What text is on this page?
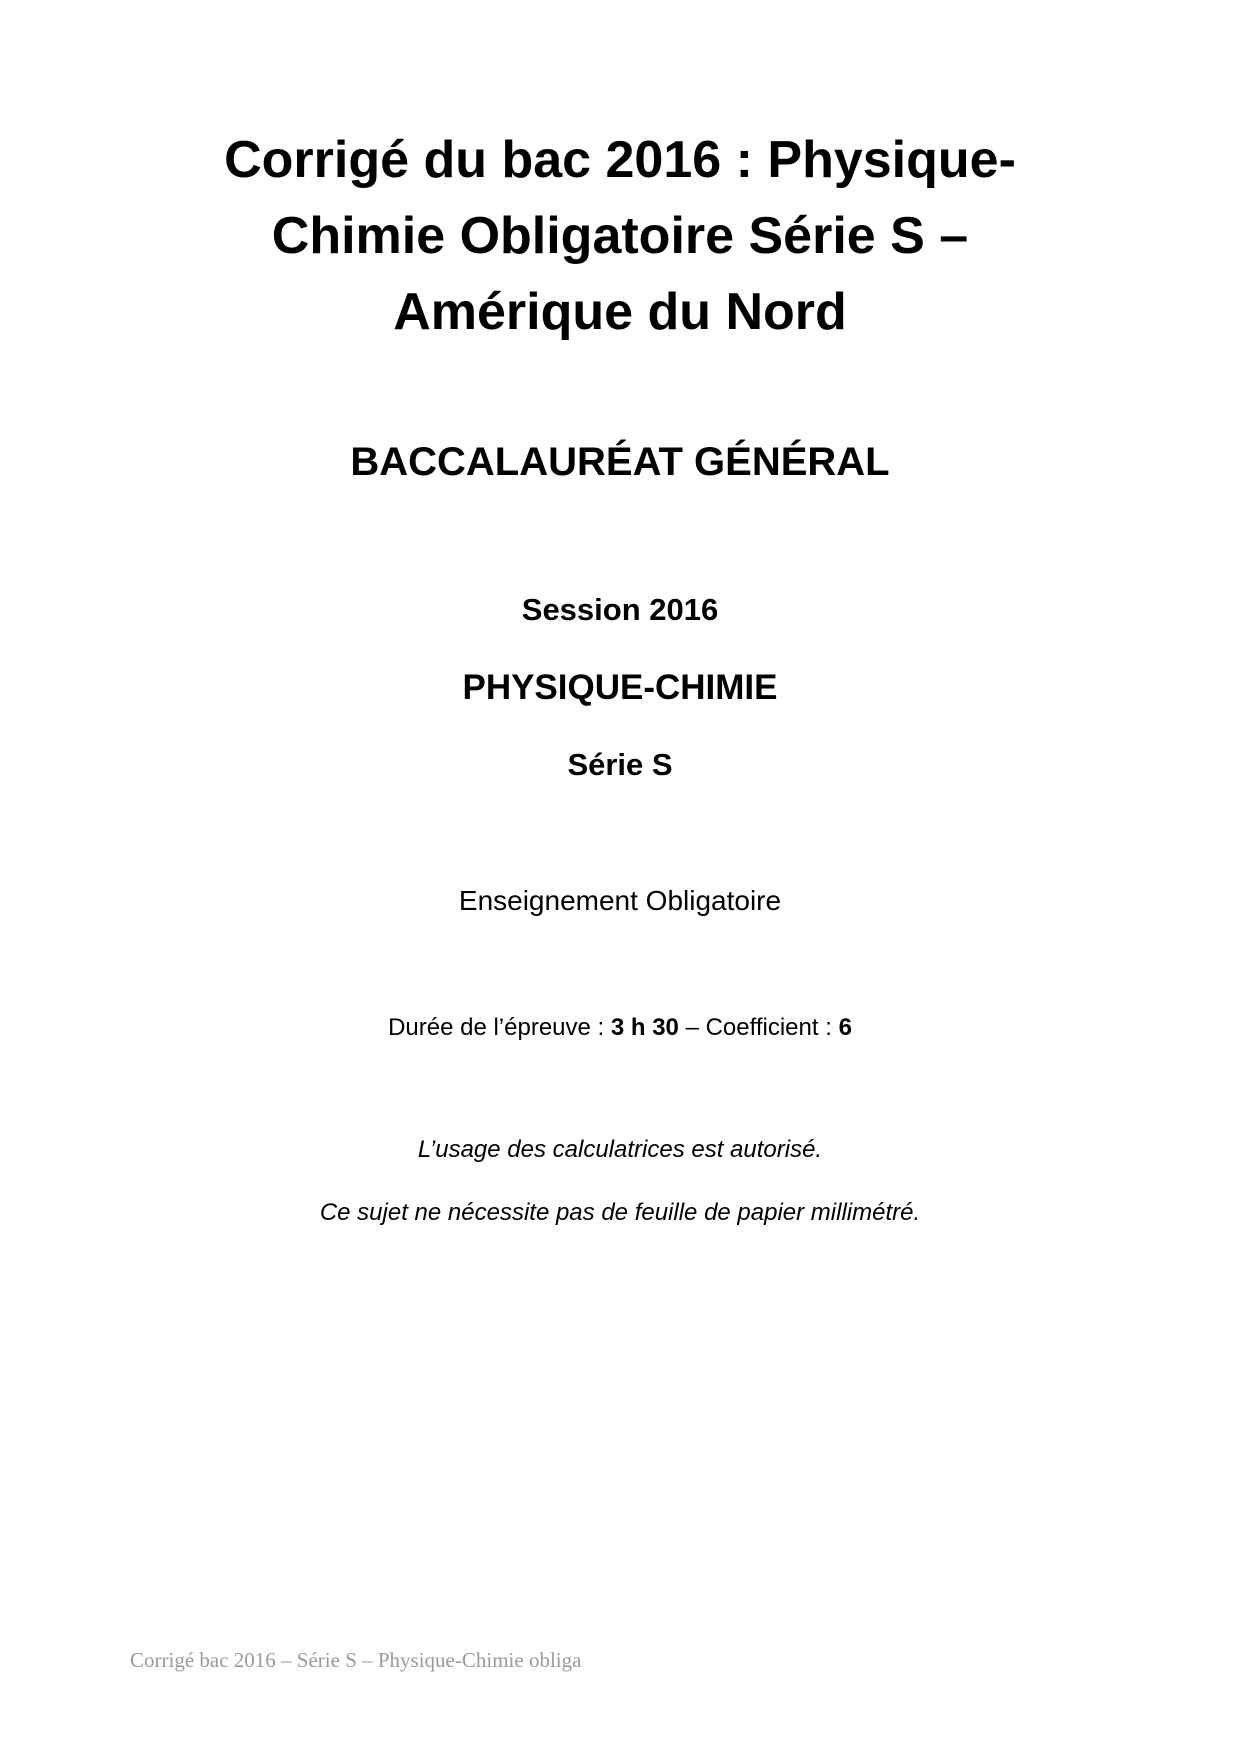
Corrigé du bac 2016 : Physique-
Chimie Obligatoire Série S –
Amérique du Nord

BACCALAURÉAT GÉNÉRAL

Session 2016

PHYSIQUE-CHIMIE

Série S

Enseignement Obligatoire

Durée de l’épreuve : 3 h 30 – Coefficient : 6

L’usage des calculatrices est autorisé.

Ce sujet ne nécessite pas de feuille de papier millimétré.

Corrigé bac 2016 – Série S – Physique-Chimie obliga
